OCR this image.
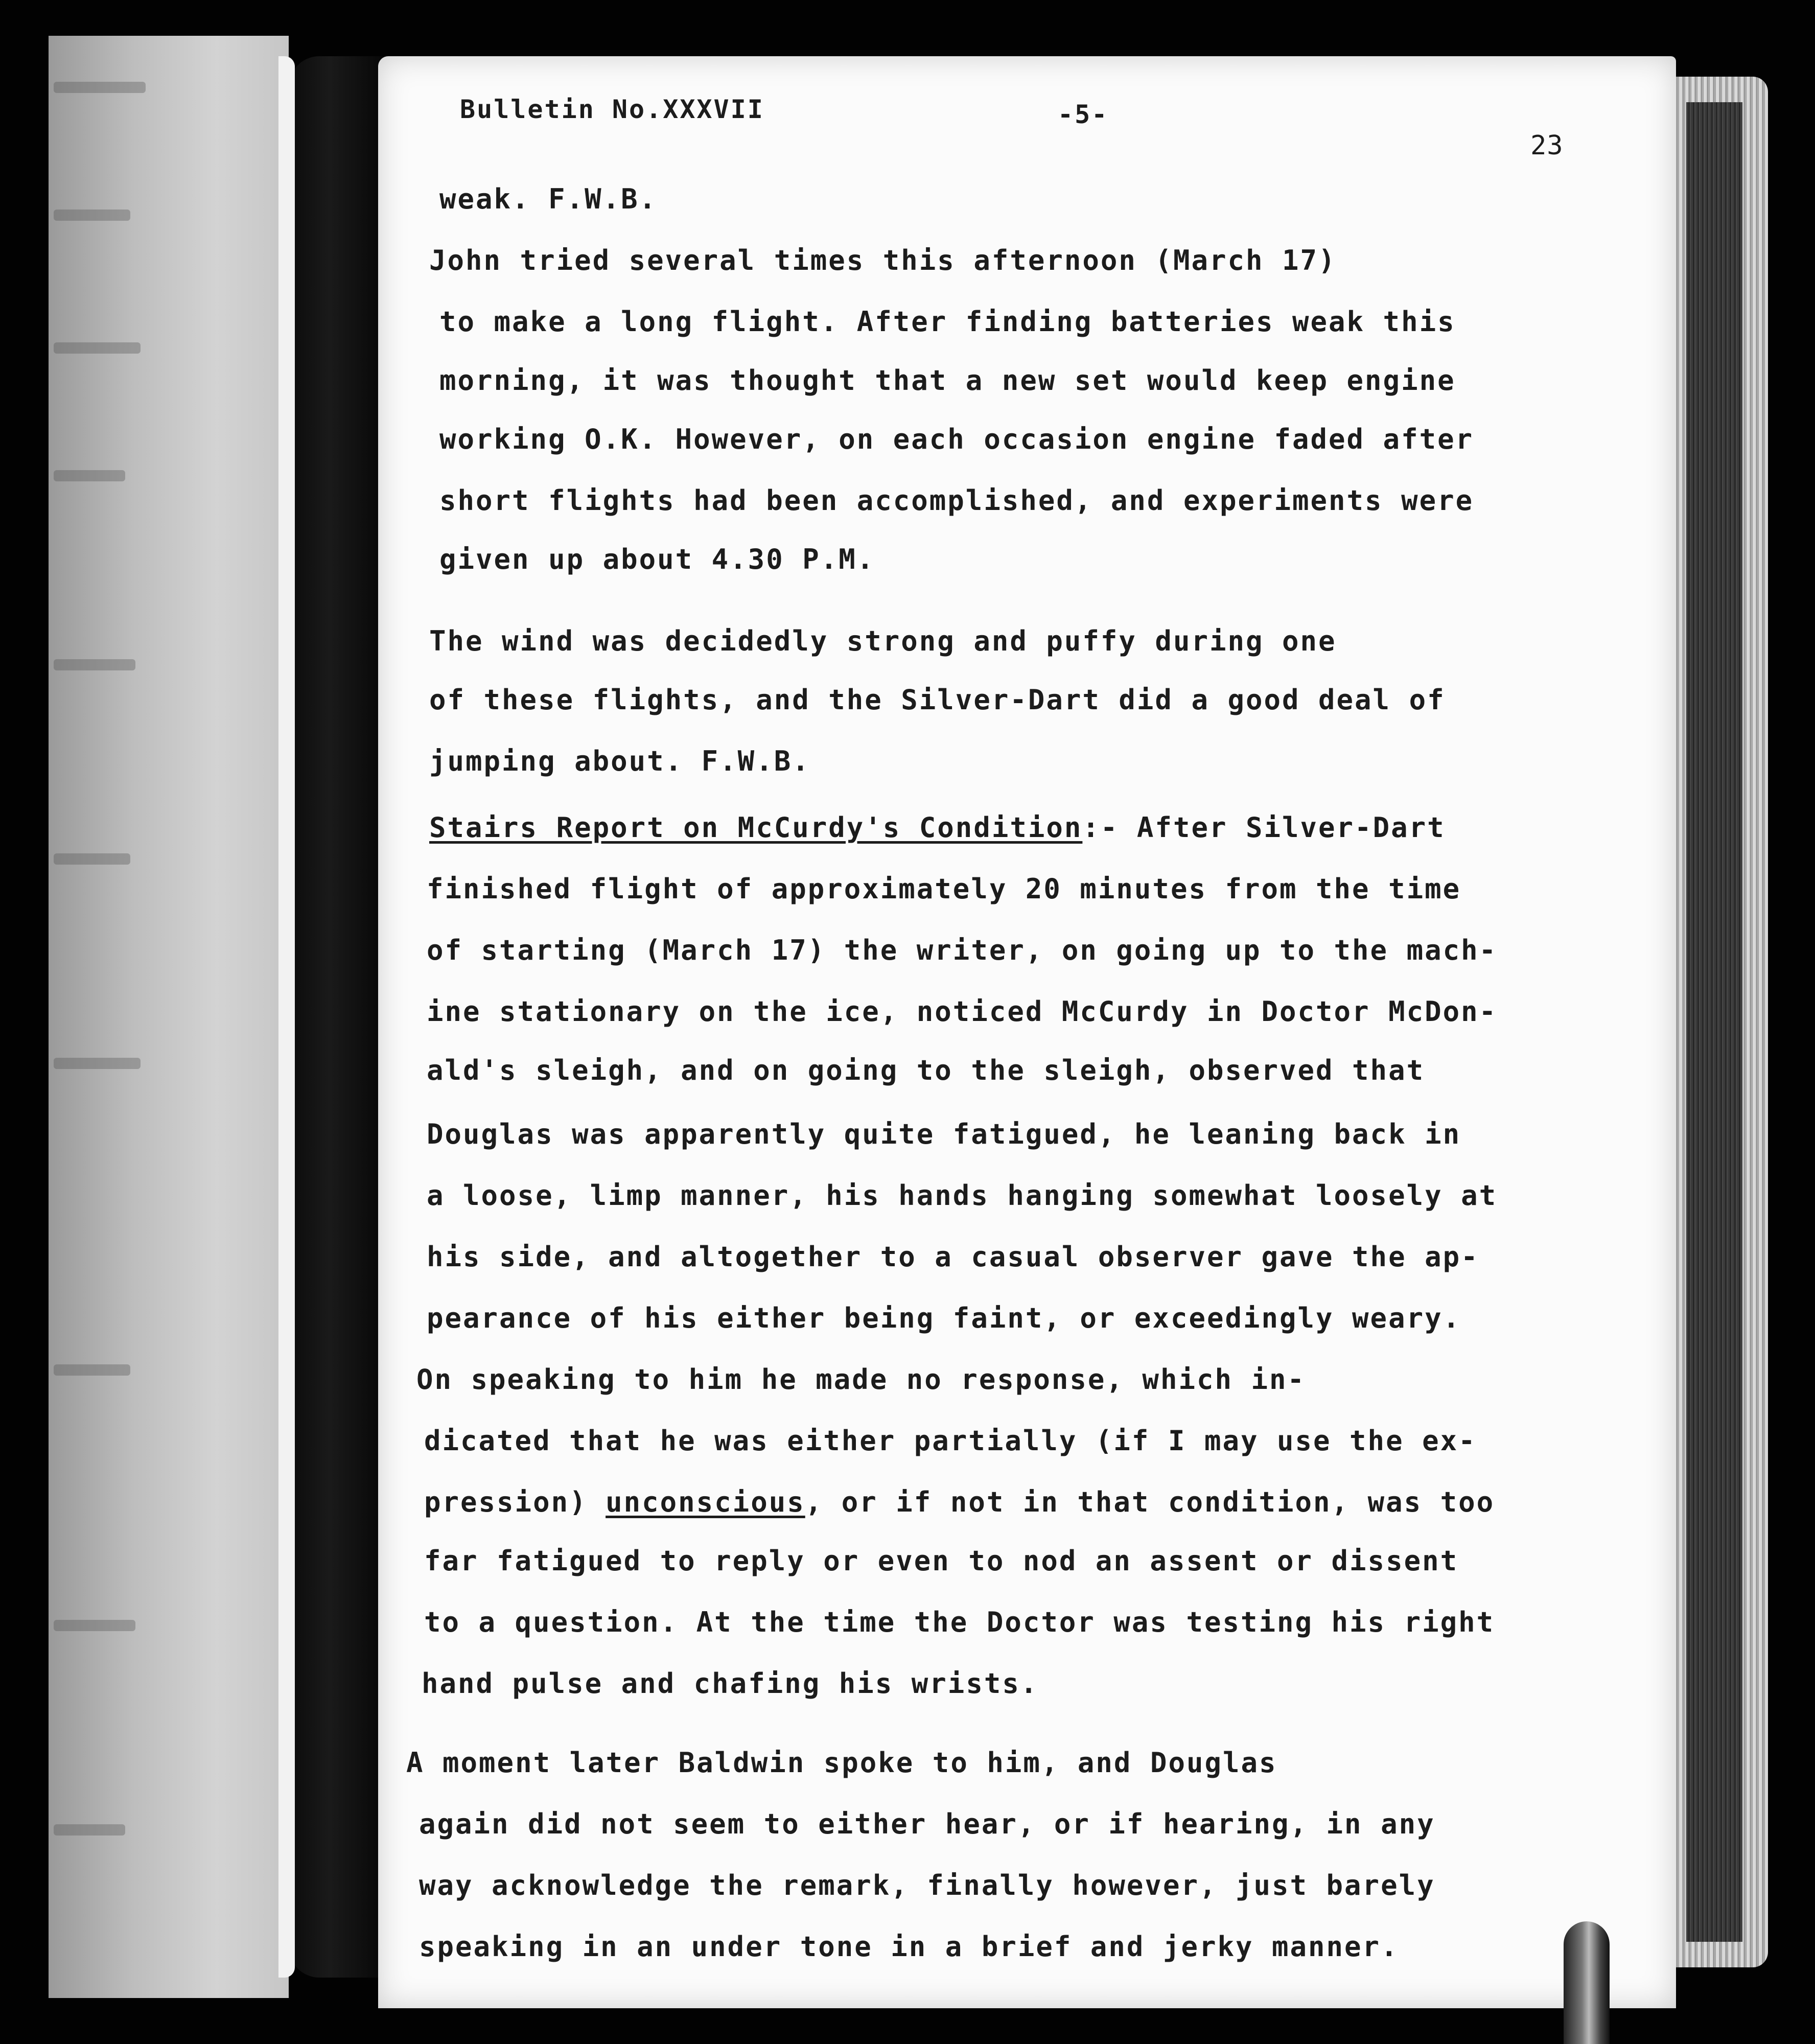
Bulletin No.XXXVII	-5-
23
weak. F.W.B.
John tried several times this afternoon (March 17)
to make a long flight. After finding batteries weak this
morning, it was thought that a new set would keep engine
working O.K. However, on each occasion engine faded after
short flights had been accomplished, and experiments were
given up about 4.30 P.M.
The wind was decidedly strong and puffy during one
of these flights, and the Silver-Dart did a good deal of
jumping about. F.W.B.
Stairs Report on McCurdy's Condition:- After Silver-Dart
finished flight of approximately 20 minutes from the time
of starting (March 17) the writer, on going up to the mach-
ine stationary on the ice, noticed McCurdy in Doctor McDon-
ald's sleigh, and on going to the sleigh, observed that
Douglas was apparently quite fatigued, he leaning back in
a loose, limp manner, his hands hanging somewhat loosely at
his side, and altogether to a casual observer gave the ap-
pearance of his either being faint, or exceedingly weary.
On speaking to him he made no response, which in-
dicated that he was either partially (if I may use the ex-
pression) unconscious, or if not in that condition, was too
far fatigued to reply or even to nod an assent or dissent
to a question. At the time the Doctor was testing his right
hand pulse and chafing his wrists.
A moment later Baldwin spoke to him, and Douglas
again did not seem to either hear, or if hearing, in any
way acknowledge the remark, finally however, just barely
speaking in an under tone in a brief and jerky manner.
